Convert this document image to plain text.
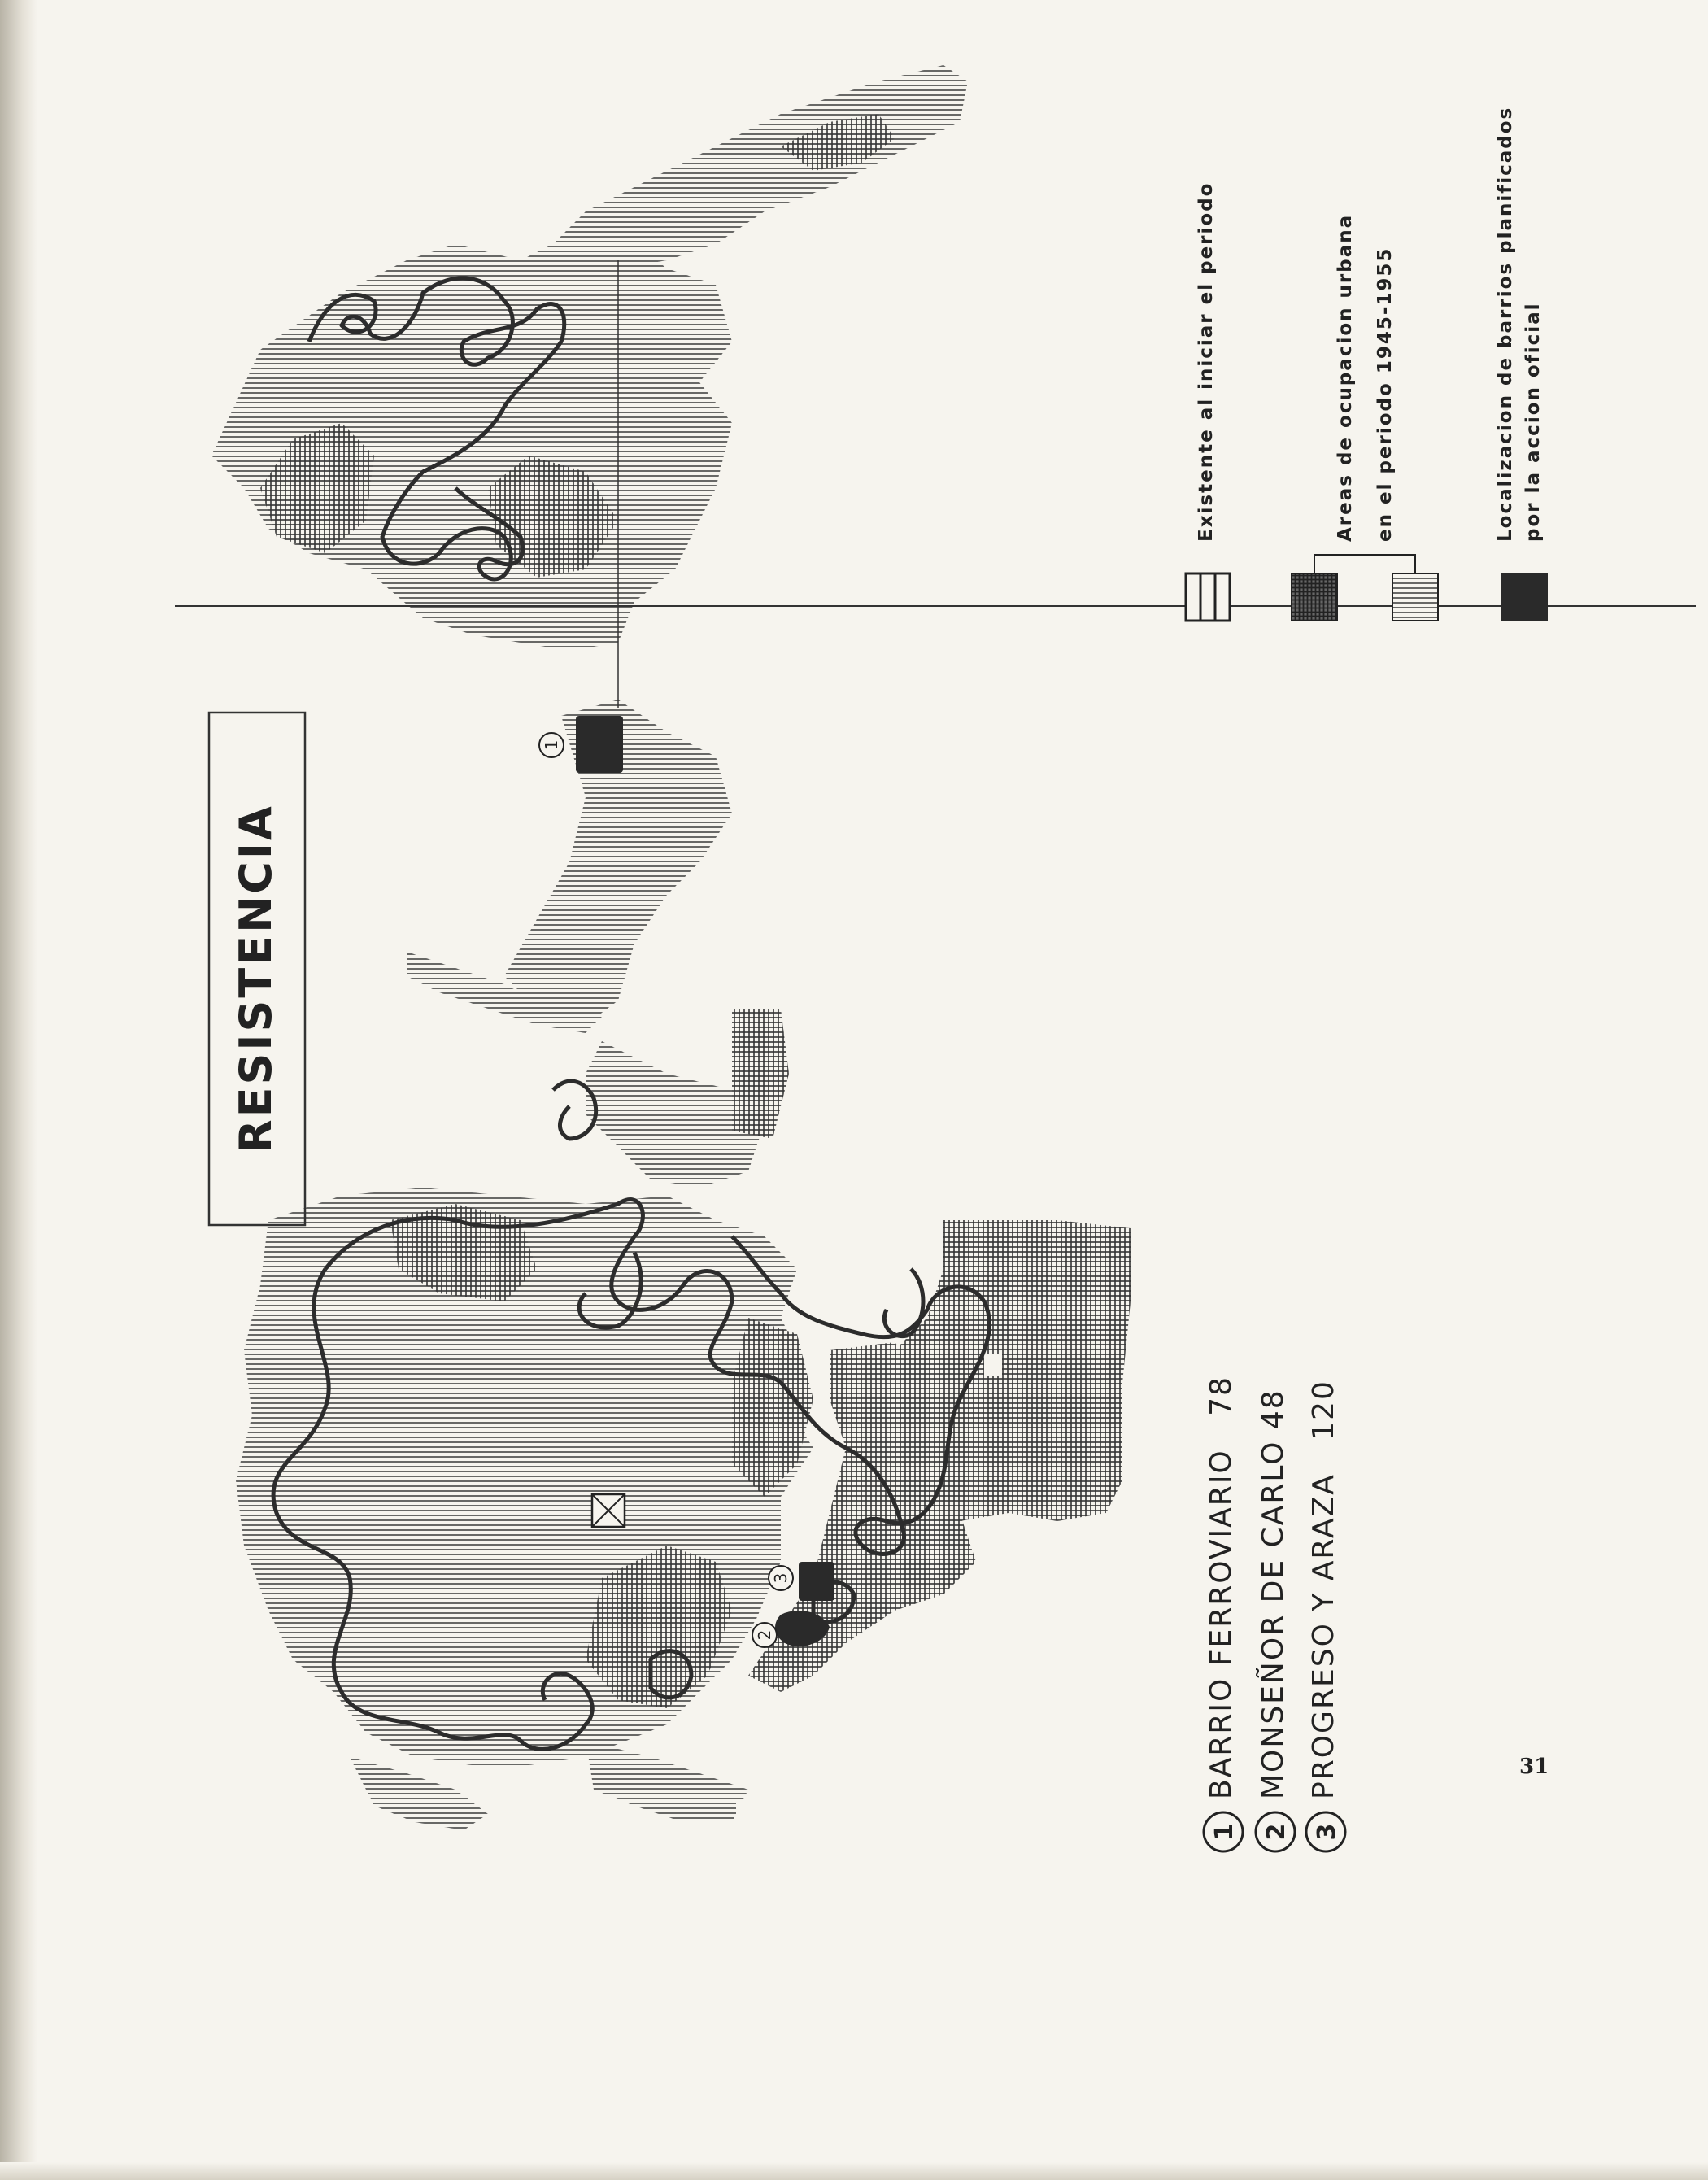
1
2
3
1 2 3
RESISTENCIA
Existente al iniciar el periodo	Areas de ocupacion urbana en el periodo 1945-1955	Localizacion de barrios planificados por la accion oficial
BARRIO FERROVIARIO   78
MONSEÑOR DE CARLO 48
PROGRESO Y ARAZA   120
31
